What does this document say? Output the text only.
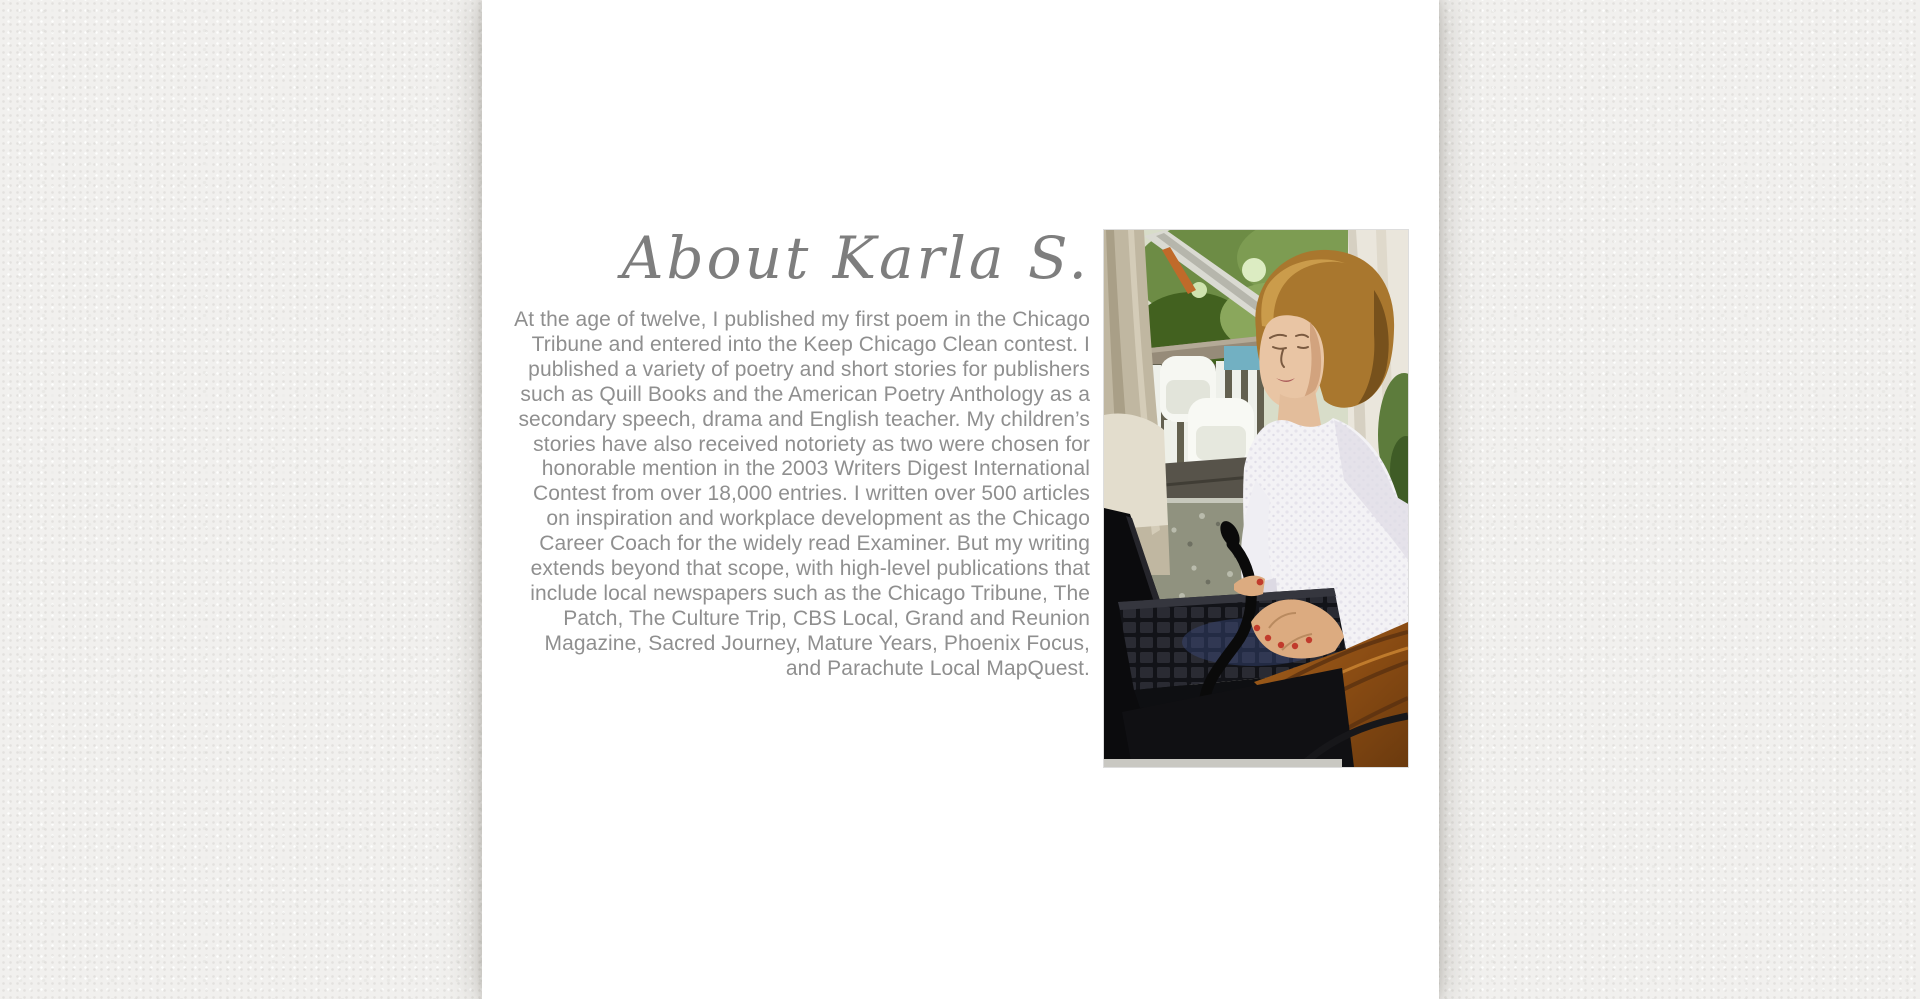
About Karla S.

At the age of twelve, I published my first poem in the Chicago Tribune and entered into the Keep Chicago Clean contest. I published a variety of poetry and short stories for publishers such as Quill Books and the American Poetry Anthology as a secondary speech, drama and English teacher. My children’s stories have also received notoriety as two were chosen for honorable mention in the 2003 Writers Digest International Contest from over 18,000 entries. I written over 500 articles on inspiration and workplace development as the Chicago Career Coach for the widely read Examiner. But my writing extends beyond that scope, with high-level publications that include local newspapers such as the Chicago Tribune, The Patch, The Culture Trip, CBS Local, Grand and Reunion Magazine, Sacred Journey, Mature Years, Phoenix Focus, and Parachute Local MapQuest.
